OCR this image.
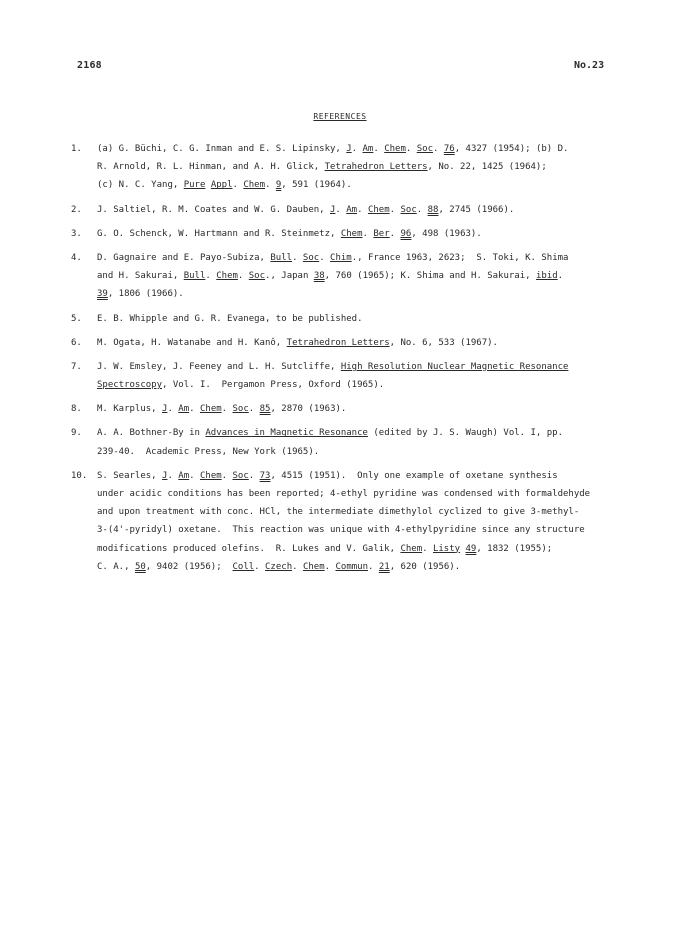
2168	No.23
REFERENCES
1. (a) G. Büchi, C. G. Inman and E. S. Lipinsky, J. Am. Chem. Soc. 76, 4327 (1954); (b) D.
R. Arnold, R. L. Hinman, and A. H. Glick, Tetrahedron Letters, No. 22, 1425 (1964);
(c) N. C. Yang, Pure Appl. Chem. 9, 591 (1964).
2. J. Saltiel, R. M. Coates and W. G. Dauben, J. Am. Chem. Soc. 88, 2745 (1966).
3. G. O. Schenck, W. Hartmann and R. Steinmetz, Chem. Ber. 96, 498 (1963).
4. D. Gagnaire and E. Payo-Subiza, Bull. Soc. Chim., France 1963, 2623;  S. Toki, K. Shima
and H. Sakurai, Bull. Chem. Soc., Japan 38, 760 (1965); K. Shima and H. Sakurai, ibid.
39, 1806 (1966).
5. E. B. Whipple and G. R. Evanega, to be published.
6. M. Ogata, H. Watanabe and H. Kanô, Tetrahedron Letters, No. 6, 533 (1967).
7. J. W. Emsley, J. Feeney and L. H. Sutcliffe, High Resolution Nuclear Magnetic Resonance
Spectroscopy, Vol. I.  Pergamon Press, Oxford (1965).
8. M. Karplus, J. Am. Chem. Soc. 85, 2870 (1963).
9. A. A. Bothner-By in Advances in Magnetic Resonance (edited by J. S. Waugh) Vol. I, pp.
239-40.  Academic Press, New York (1965).
10. S. Searles, J. Am. Chem. Soc. 73, 4515 (1951).  Only one example of oxetane synthesis
under acidic conditions has been reported; 4-ethyl pyridine was condensed with formaldehyde
and upon treatment with conc. HCl, the intermediate dimethylol cyclized to give 3-methyl-
3-(4'-pyridyl) oxetane.  This reaction was unique with 4-ethylpyridine since any structure
modifications produced olefins.  R. Lukes and V. Galik, Chem. Listy 49, 1832 (1955);
C. A., 50, 9402 (1956);  Coll. Czech. Chem. Commun. 21, 620 (1956).
